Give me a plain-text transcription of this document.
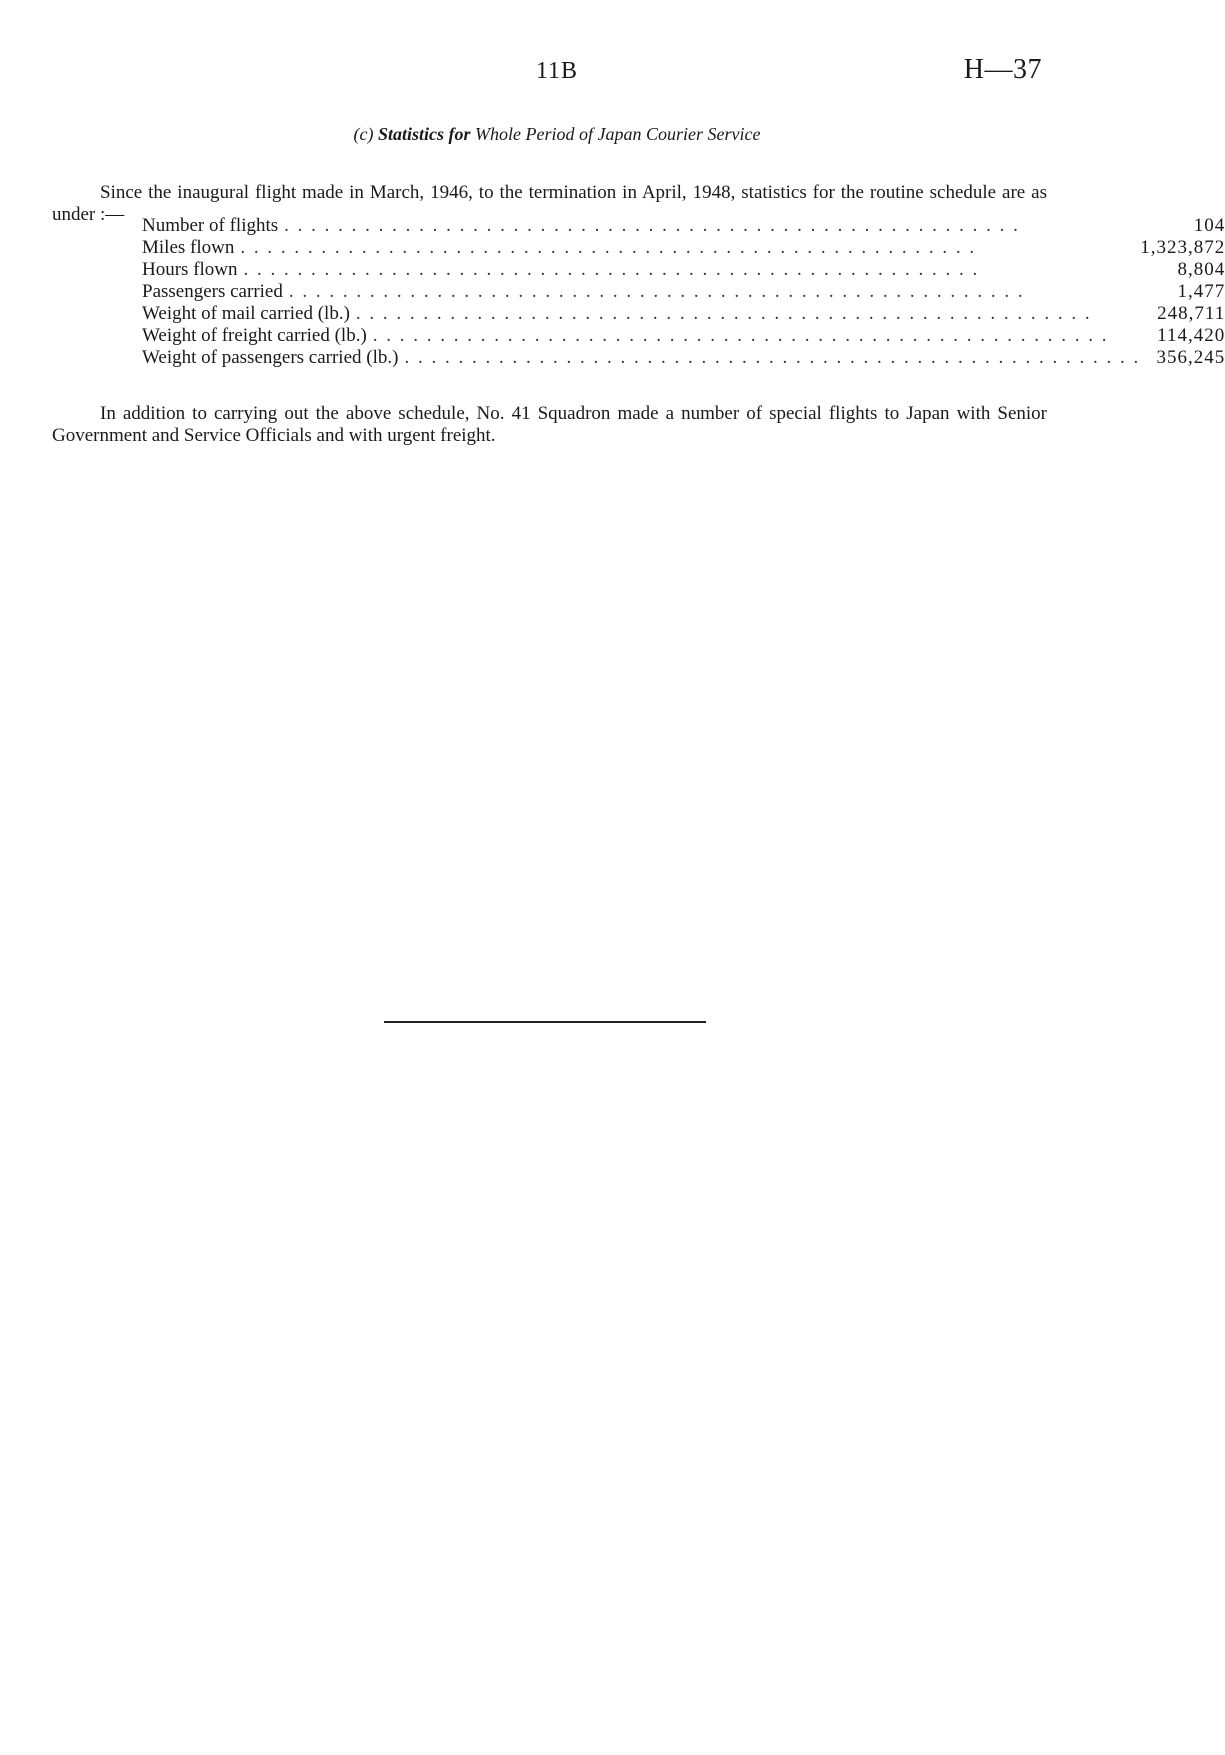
11B	H—37
(c) Statistics for Whole Period of Japan Courier Service

Since the inaugural flight made in March, 1946, to the termination in April, 1948, statistics for the routine schedule are as under :—

Number of flights . . . . . . . . . . . . . . . . . . . . . . . . . . . . . . . . . . . . . . . . . . . . . . . . . . . . . . .	104
Miles flown . . . . . . . . . . . . . . . . . . . . . . . . . . . . . . . . . . . . . . . . . . . . . . . . . . . . . . .	1,323,872
Hours flown . . . . . . . . . . . . . . . . . . . . . . . . . . . . . . . . . . . . . . . . . . . . . . . . . . . . . . .	8,804
Passengers carried . . . . . . . . . . . . . . . . . . . . . . . . . . . . . . . . . . . . . . . . . . . . . . . . . . . . . . .	1,477
Weight of mail carried (lb.) . . . . . . . . . . . . . . . . . . . . . . . . . . . . . . . . . . . . . . . . . . . . . . . . . . . . . . .	248,711
Weight of freight carried (lb.) . . . . . . . . . . . . . . . . . . . . . . . . . . . . . . . . . . . . . . . . . . . . . . . . . . . . . . .	114,420
Weight of passengers carried (lb.) . . . . . . . . . . . . . . . . . . . . . . . . . . . . . . . . . . . . . . . . . . . . . . . . . . . . . . .	356,245

In addition to carrying out the above schedule, No. 41 Squadron made a number of special flights to Japan with Senior Government and Service Officials and with urgent freight.
